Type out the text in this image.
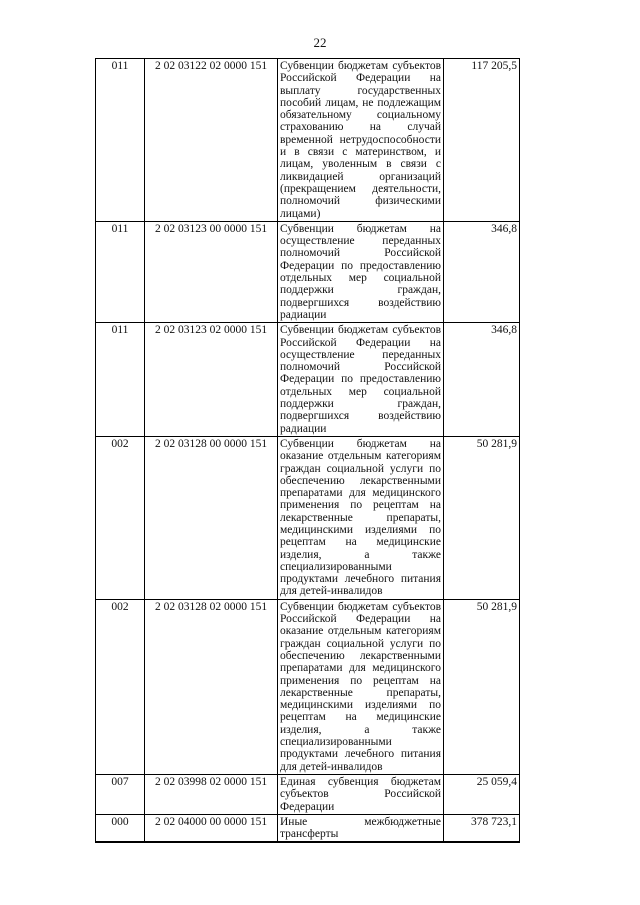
22
011	2 02 03122 02 0000 151	Субвенции бюджетам субъектов Российской Федерации на выплату государственных пособий лицам, не подлежащим обязательному социальному страхованию на случай временной нетрудоспособности и в связи с материнством, и лицам, уволенным в связи с ликвидацией организаций (прекращением деятельности, полномочий физическими лицами)	117 205,5
011	2 02 03123 00 0000 151	Субвенции бюджетам на осуществление переданных полномочий Российской Федерации по предоставлению отдельных мер социальной поддержки граждан, подвергшихся воздействию радиации	346,8
011	2 02 03123 02 0000 151	Субвенции бюджетам субъектов Российской Федерации на осуществление переданных полномочий Российской Федерации по предоставлению отдельных мер социальной поддержки граждан, подвергшихся воздействию радиации	346,8
002	2 02 03128 00 0000 151	Субвенции бюджетам на оказание отдельным категориям граждан социальной услуги по обеспечению лекарственными препаратами для медицинского применения по рецептам на лекарственные препараты, медицинскими изделиями по рецептам на медицинские изделия, а также специализированными продуктами лечебного питания для детей-инвалидов	50 281,9
002	2 02 03128 02 0000 151	Субвенции бюджетам субъектов Российской Федерации на оказание отдельным категориям граждан социальной услуги по обеспечению лекарственными препаратами для медицинского применения по рецептам на лекарственные препараты, медицинскими изделиями по рецептам на медицинские изделия, а также специализированными продуктами лечебного питания для детей-инвалидов	50 281,9
007	2 02 03998 02 0000 151	Единая субвенция бюджетам субъектов Российской Федерации	25 059,4
000	2 02 04000 00 0000 151	Иные межбюджетные трансферты	378 723,1
